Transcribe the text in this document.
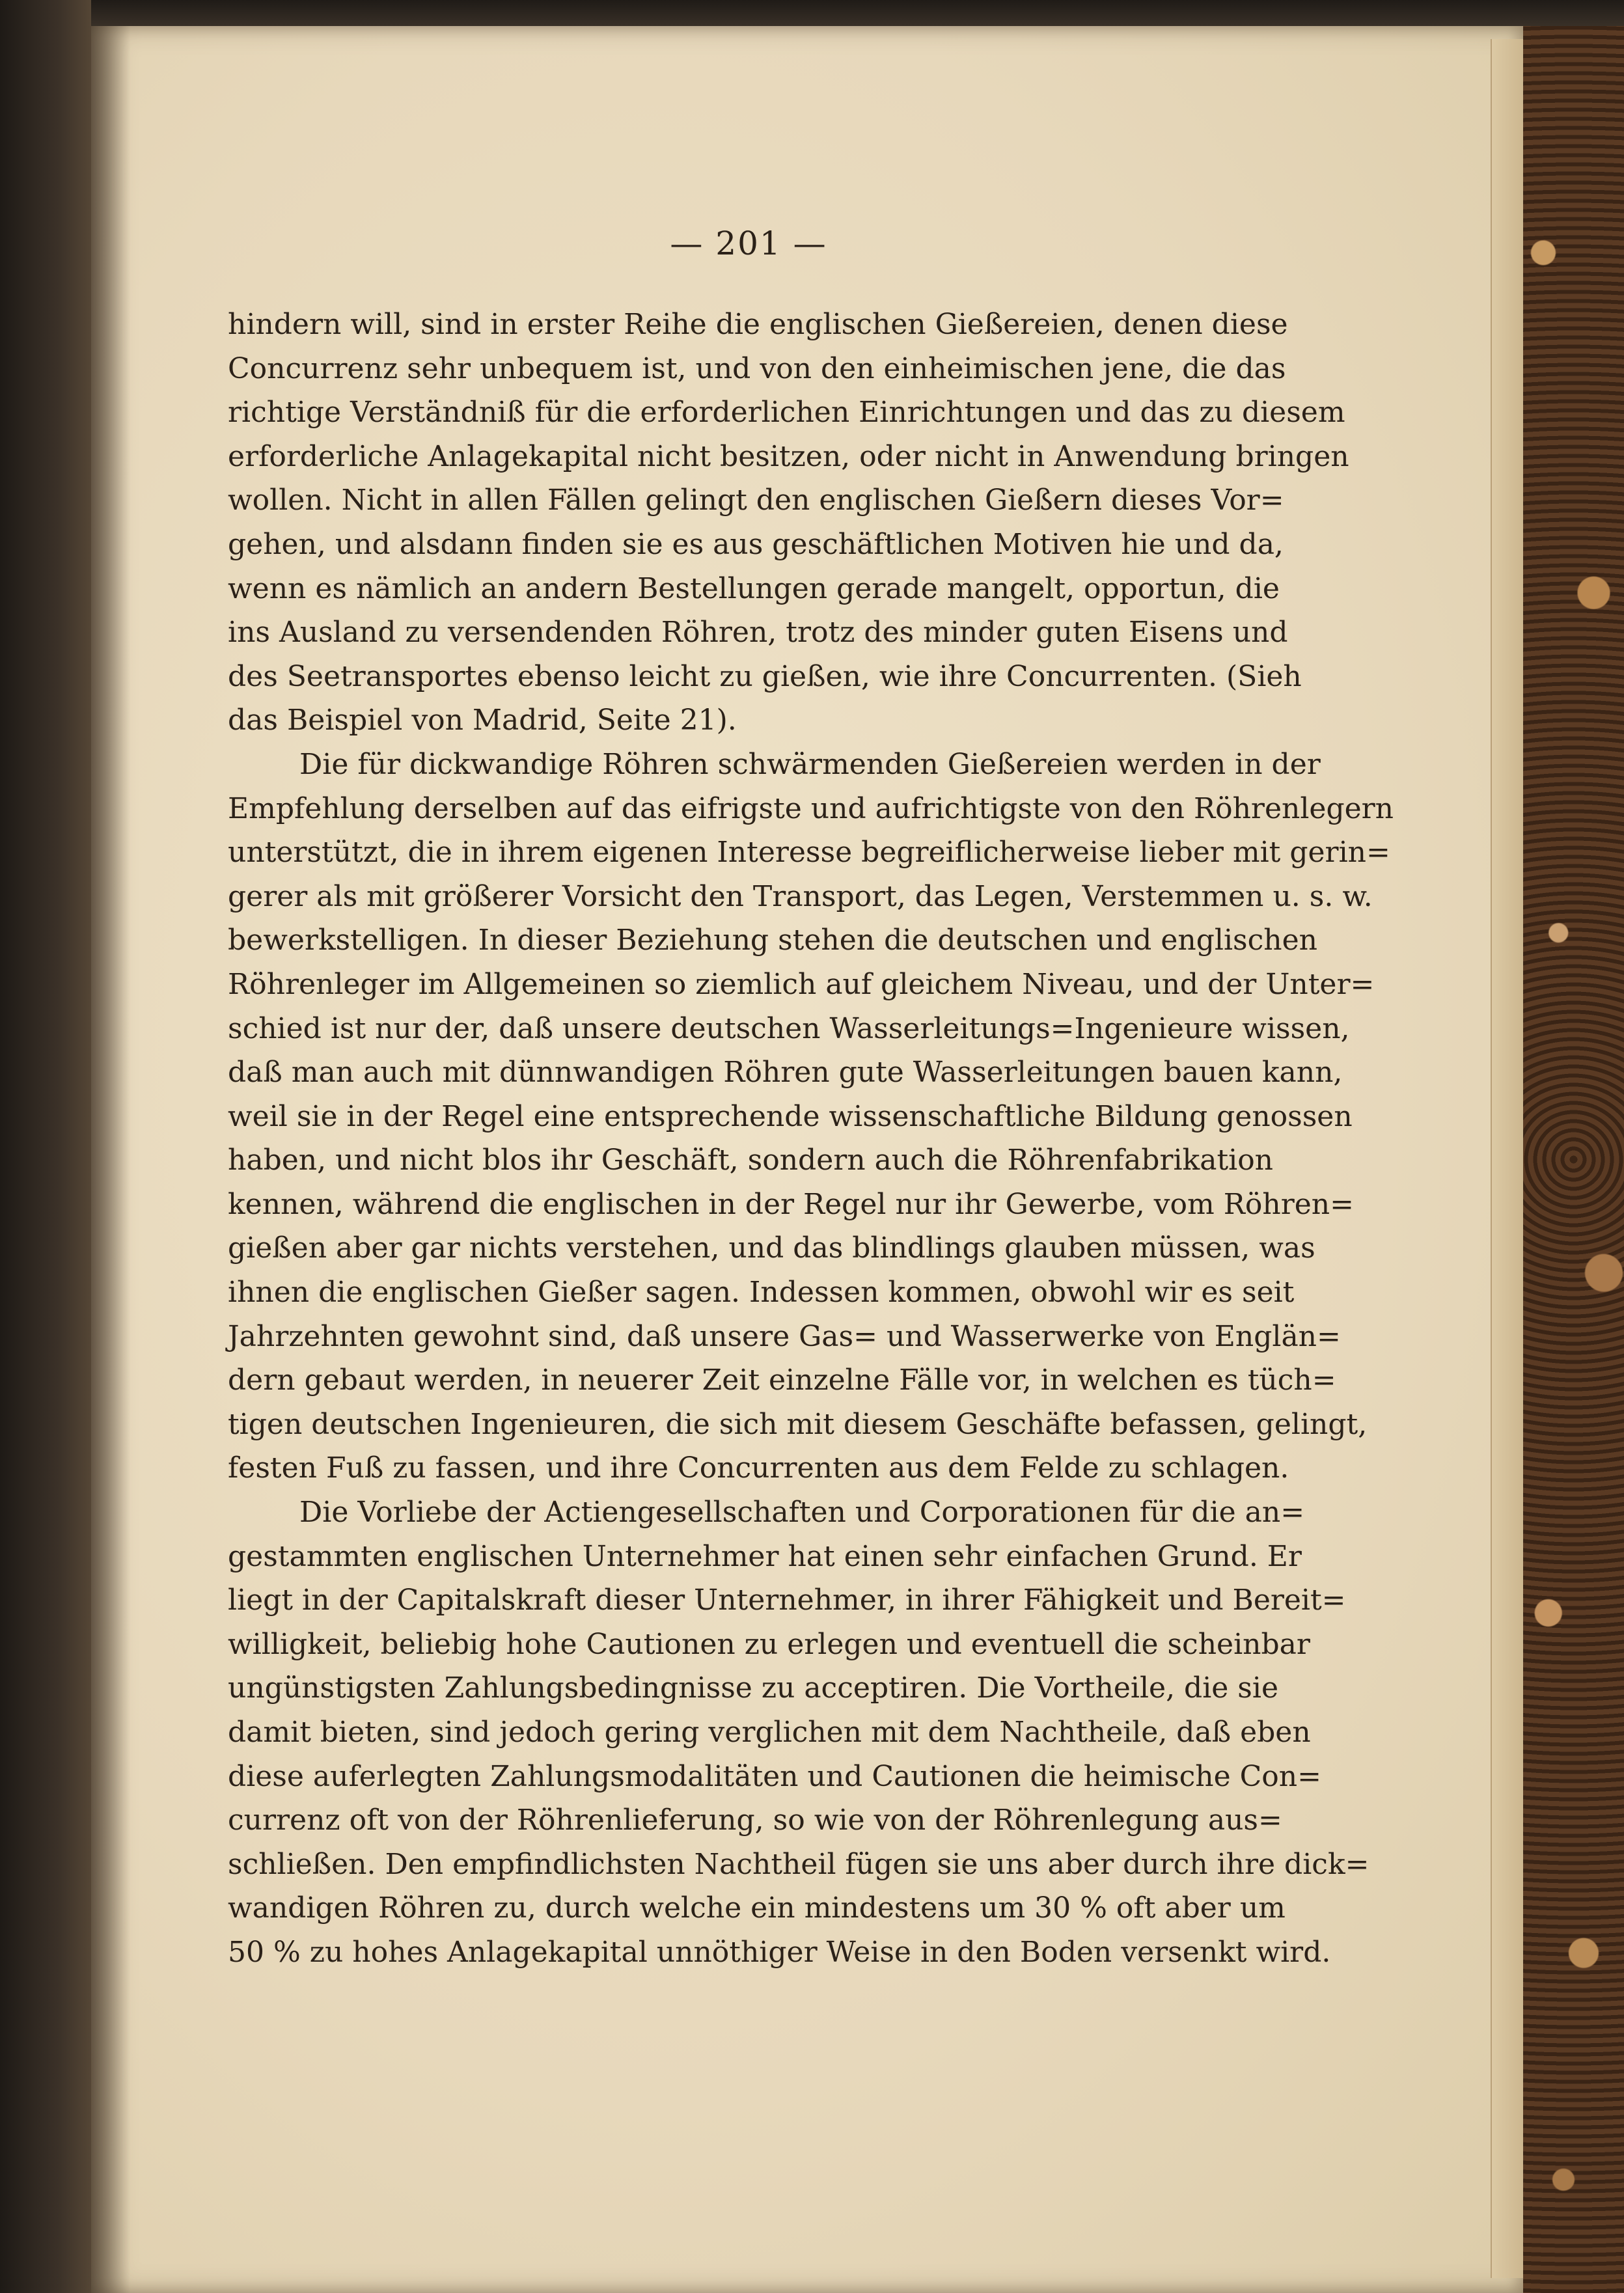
— 201 —
hindern will, sind in erster Reihe die englischen Gießereien, denen diese
Concurrenz sehr unbequem ist, und von den einheimischen jene, die das
richtige Verständniß für die erforderlichen Einrichtungen und das zu diesem
erforderliche Anlagekapital nicht besitzen, oder nicht in Anwendung bringen
wollen. Nicht in allen Fällen gelingt den englischen Gießern dieses Vor=
gehen, und alsdann finden sie es aus geschäftlichen Motiven hie und da,
wenn es nämlich an andern Bestellungen gerade mangelt, opportun, die
ins Ausland zu versendenden Röhren, trotz des minder guten Eisens und
des Seetransportes ebenso leicht zu gießen, wie ihre Concurrenten. (Sieh
das Beispiel von Madrid, Seite 21).
Die für dickwandige Röhren schwärmenden Gießereien werden in der
Empfehlung derselben auf das eifrigste und aufrichtigste von den Röhrenlegern
unterstützt, die in ihrem eigenen Interesse begreiflicherweise lieber mit gerin=
gerer als mit größerer Vorsicht den Transport, das Legen, Verstemmen u. s. w.
bewerkstelligen. In dieser Beziehung stehen die deutschen und englischen
Röhrenleger im Allgemeinen so ziemlich auf gleichem Niveau, und der Unter=
schied ist nur der, daß unsere deutschen Wasserleitungs=Ingenieure wissen,
daß man auch mit dünnwandigen Röhren gute Wasserleitungen bauen kann,
weil sie in der Regel eine entsprechende wissenschaftliche Bildung genossen
haben, und nicht blos ihr Geschäft, sondern auch die Röhrenfabrikation
kennen, während die englischen in der Regel nur ihr Gewerbe, vom Röhren=
gießen aber gar nichts verstehen, und das blindlings glauben müssen, was
ihnen die englischen Gießer sagen. Indessen kommen, obwohl wir es seit
Jahrzehnten gewohnt sind, daß unsere Gas= und Wasserwerke von Englän=
dern gebaut werden, in neuerer Zeit einzelne Fälle vor, in welchen es tüch=
tigen deutschen Ingenieuren, die sich mit diesem Geschäfte befassen, gelingt,
festen Fuß zu fassen, und ihre Concurrenten aus dem Felde zu schlagen.
Die Vorliebe der Actiengesellschaften und Corporationen für die an=
gestammten englischen Unternehmer hat einen sehr einfachen Grund. Er
liegt in der Capitalskraft dieser Unternehmer, in ihrer Fähigkeit und Bereit=
willigkeit, beliebig hohe Cautionen zu erlegen und eventuell die scheinbar
ungünstigsten Zahlungsbedingnisse zu acceptiren. Die Vortheile, die sie
damit bieten, sind jedoch gering verglichen mit dem Nachtheile, daß eben
diese auferlegten Zahlungsmodalitäten und Cautionen die heimische Con=
currenz oft von der Röhrenlieferung, so wie von der Röhrenlegung aus=
schließen. Den empfindlichsten Nachtheil fügen sie uns aber durch ihre dick=
wandigen Röhren zu, durch welche ein mindestens um 30 % oft aber um
50 % zu hohes Anlagekapital unnöthiger Weise in den Boden versenkt wird.
